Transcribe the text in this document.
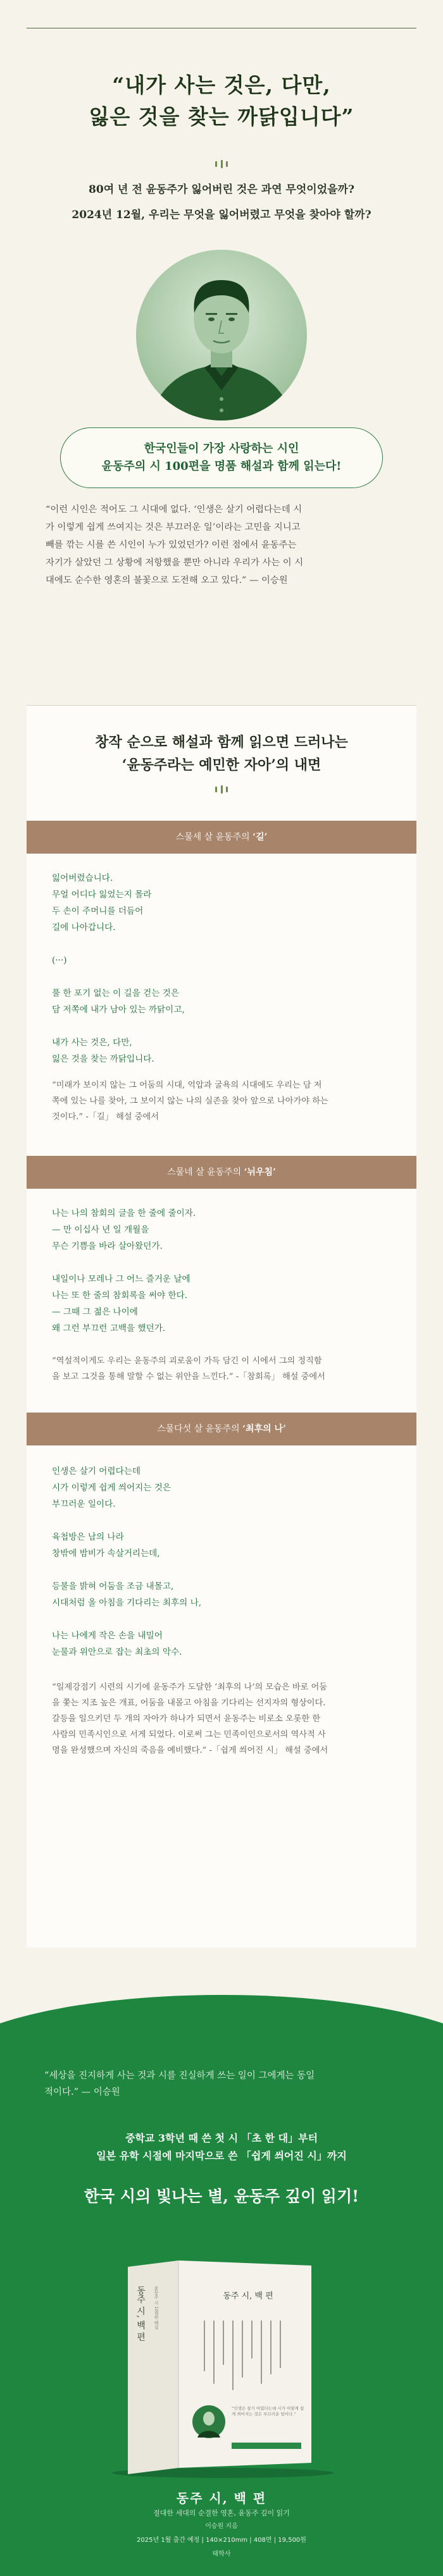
“내가 사는 것은, 다만,
잃은 것을 찾는 까닭입니다”
80여 년 전 윤동주가 잃어버린 것은 과연 무엇이었을까?
2024년 12월, 우리는 무엇을 잃어버렸고 무엇을 찾아야 할까?
한국인들이 가장 사랑하는 시인
윤동주의 시 100편을 명품 해설과 함께 읽는다!
“이런 시인은 적어도 그 시대에 없다. ‘인생은 살기 어렵다는데 시
가 이렇게 쉽게 쓰여지는 것은 부끄러운 일’이라는 고민을 지니고
빼를 깎는 시를 쓴 시인이 누가 있었던가? 이런 점에서 윤동주는
자기가 살았던 그 상황에 저항했을 뿐만 아니라 우리가 사는 이 시
대에도 순수한 영혼의 불꽃으로 도전해 오고 있다.” — 이승원
창작 순으로 해설과 함께 읽으면 드러나는
‘윤동주라는 예민한 자아’의 내면
스물세 살 윤동주의 ‘길’
잃어버렸습니다.
무얼 어디다 잃었는지 몰라
두 손이 주머니를 더듬어
길에 나아갑니다.

(···)

풀 한 포기 없는 이 길을 걷는 것은
담 저쪽에 내가 남아 있는 까닭이고,

내가 사는 것은, 다만,
잃은 것을 찾는 까닭입니다.
“미래가 보이지 않는 그 어둠의 시대, 억압과 굴욕의 시대에도 우리는 담 저
쪽에 있는 나를 찾아, 그 보이지 않는 나의 실존을 찾아 앞으로 나아가야 하는
것이다.” -「길」 해설 중에서
스물네 살 윤동주의 ‘뉘우침’
나는 나의 참회의 글을 한 줄에 줄이자.
— 만 이십사 년 일 개월을
무슨 기쁨을 바라 살아왔던가.

내일이나 모레나 그 어느 즐거운 날에
나는 또 한 줄의 참회록을 써야 한다.
— 그때 그 젊은 나이에
왜 그런 부끄런 고백을 했던가.
“역설적이게도 우리는 윤동주의 괴로움이 가득 담긴 이 시에서 그의 정직함
을 보고 그것을 통해 말할 수 없는 위안을 느낀다.” -「참회록」 해설 중에서
스물다섯 살 윤동주의 ‘최후의 나’
인생은 살기 어렵다는데
시가 이렇게 쉽게 씌어지는 것은
부끄러운 일이다.

육첩방은 남의 나라
창밖에 밤비가 속살거리는데,

등불을 밝혀 어둠을 조금 내몰고,
시대처럼 올 아침을 기다리는 최후의 나,

나는 나에게 작은 손을 내밀어
눈물과 위안으로 잡는 최초의 악수.
“일제강점기 시련의 시기에 윤동주가 도달한 ‘최후의 나’의 모습은 바로 어둠
을 쫓는 지조 높은 개표, 어둠을 내몰고 아침을 기다리는 선지자의 형상이다.
갈등을 일으키던 두 개의 자아가 하나가 되면서 윤동주는 비로소 오롯한 한
사람의 민족시인으로 서게 되었다. 이로써 그는 민족이인으로서의 역사적 사
명을 완성했으며 자신의 죽음을 예비했다.” -「쉽게 씌어진 시」 해설 중에서
“세상을 진지하게 사는 것과 시를 진실하게 쓰는 일이 그에게는 동일
적이다.” — 이승원
중학교 3학년 때 쓴 첫 시 「초 한 대」부터
일본 유학 시절에 마지막으로 쓴 「쉽게 씌어진 시」까지
한국 시의 빛나는 별, 윤동주 깊이 읽기!
동주 시, 백 편 윤동주 시 100편 해설	동주 시, 백 편
“인생은 살기 어렵다는데 시가 이렇게 쉽게 씌어지는 것은 부끄러운 일이다.”
동주 시, 백 편
절대한 세대의 순결한 영혼, 윤동주 깊이 읽기
이승원 지음
2025년 1월 출간 예정 | 140×210mm | 408면 | 19,500원
태학사
